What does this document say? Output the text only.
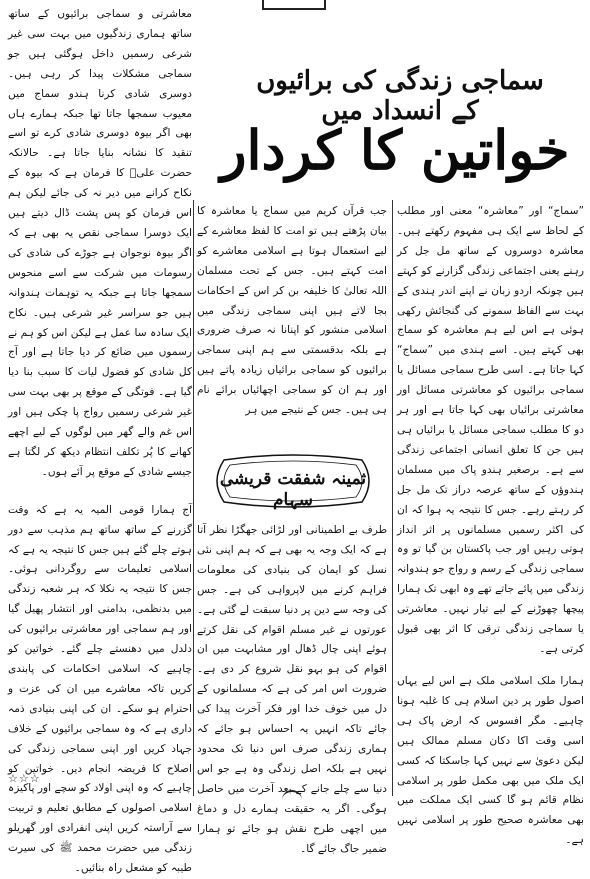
معاشرتی و سماجی برائیوں کے ساتھ ساتھ ہماری زندگیوں میں بہت سی غیر شرعی رسمیں داخل ہوگئی ہیں جو سماجی مشکلات پیدا کر رہی ہیں۔ دوسری شادی کرنا ہندو سماج میں معیوب سمجھا جاتا تھا جبکہ ہمارے ہاں بھی اگر بیوہ دوسری شادی کرے تو اسے تنقید کا نشانہ بنایا جاتا ہے۔ حالانکہ حضرت علیؓ کا فرمان ہے کہ بیوہ کے نکاح کرانے میں دیر نہ کی جائے لیکن ہم اس فرمان کو پس پشت ڈال دیتے ہیں ایک دوسرا سماجی نقص یہ بھی ہے کہ اگر بیوہ نوجوان ہے جوڑے کی شادی کی رسومات میں شرکت سے اسے منحوس سمجھا جاتا ہے جبکہ یہ توہمات ہندوانہ ہیں جو سراسر غیر شرعی ہیں۔ نکاح ایک سادہ سا عمل ہے لیکن اس کو ہم نے رسموں میں ضائع کر دیا جاتا ہے اور آج کل شادی کو فضول لیات کا سبب بنا دیا گیا ہے۔ فوتگی کے موقع پر بھی بہت سی غیر شرعی رسمیں رواج پا چکی ہیں اور اس غم والے گھر میں لوگوں کے لیے اچھے کھانے کا پُر تکلف انتظام دیکھ کر لگتا ہے جیسے شادی کے موقع پر آئے ہوں۔

آج ہمارا قومی المیہ یہ ہے کہ وقت گزرنے کے ساتھ ساتھ ہم مذہب سے دور ہوتے چلے گئے ہیں جس کا نتیجہ یہ ہے کہ اسلامی تعلیمات سے روگردانی ہوئی۔ جس کا نتیجہ یہ نکلا کہ ہر شعبہ زندگی میں بدنظمی، بدامنی اور انتشار پھیل گیا اور ہم سماجی اور معاشرتی برائیوں کی دلدل میں دھنستے چلے گئے۔ خواتین کو چاہیے کہ اسلامی احکامات کی پابندی کریں تاکہ معاشرے میں ان کی عزت و احترام ہو سکے۔ ان کی اپنی بنیادی ذمہ داری ہے کہ وہ سماجی برائیوں کے خلاف جہاد کریں اور اپنی سماجی زندگی کی اصلاح کا فریضہ انجام دیں۔ خواتین کو چاہیے کہ وہ اپنی اولاد کو سچے اور پاکیزہ اسلامی اصولوں کے مطابق تعلیم و تربیت سے آراستہ کریں اپنی انفرادی اور گھریلو زندگی میں حضرت محمد ﷺ کی سیرت طیبہ کو مشعل راہ بنائیں۔

سماجی زندگی کی برائیوں کے انسداد میں
خواتین کا کردار

جب قرآن کریم میں سماج یا معاشرہ کا بیان پڑھتے ہیں تو امت کا لفظ معاشرے کے لیے استعمال ہوتا ہے اسلامی معاشرے کو امت کہتے ہیں۔ جس کے تحت مسلمان اللہ تعالیٰ کا خلیفہ بن کر اس کے احکامات بجا لاتے ہیں اپنی سماجی زندگی میں اسلامی منشور کو اپنانا نہ صرف ضروری ہے بلکہ بدقسمتی سے ہم اپنی سماجی برائیوں کو سماجی برائیاں زیادہ پاتے ہیں اور ہم ان کو سماجی اچھائیاں برائے نام ہی ہیں۔ جس کے نتیجے میں ہر

ثمینہ شفقت قریشی سہام

طرف بے اطمینانی اور لڑائی جھگڑا نظر آتا ہے کہ ایک وجہ یہ بھی ہے کہ ہم اپنی نئی نسل کو ایمان کی بنیادی کی معلومات فراہم کرنے میں لاپرواہی کی ہے۔ جس کی وجہ سے دین پر دنیا سبقت لے گئی ہے۔ عورتوں نے غیر مسلم اقوام کی نقل کرتے ہوئے اپنی چال ڈھال اور مشابہت میں ان اقوام کی ہو بہو نقل شروع کر دی ہے۔ ضرورت اس امر کی ہے کہ مسلمانوں کے دل میں خوف خدا اور فکر آخرت پیدا کی جائے تاکہ انہیں یہ احساس ہو جائے کہ ہماری زندگی صرف اس دنیا تک محدود نہیں ہے بلکہ اصل زندگی وہ ہے جو اس دنیا سے چلے جانے کے بعد آخرت میں حاصل ہوگی۔ اگر یہ حقیقت ہمارے دل و دماغ میں اچھی طرح نقش ہو جائے تو ہمارا ضمیر جاگ جائے گا۔

”سماج“ اور ”معاشرہ“ معنی اور مطلب کے لحاظ سے ایک ہی مفہوم رکھتے ہیں۔ معاشرہ دوسروں کے ساتھ مل جل کر رہنے یعنی اجتماعی زندگی گزارنے کو کہتے ہیں چونکہ اردو زبان نے اپنے اندر ہندی کے بہت سے الفاظ سمونے کی گنجائش رکھی ہوئی ہے اس لیے ہم معاشرہ کو سماج بھی کہتے ہیں۔ اسے ہندی میں ”سماج“ کہا جاتا ہے۔ اسی طرح سماجی مسائل یا سماجی برائیوں کو معاشرتی مسائل اور معاشرتی برائیاں بھی کہا جاتا ہے اور ہر دو کا مطلب سماجی مسائل یا برائیاں ہی ہیں جن کا تعلق انسانی اجتماعی زندگی سے ہے۔ برصغیر ہندو پاک میں مسلمان ہندوؤں کے ساتھ عرصہ دراز تک مل جل کر رہتے رہے۔ جس کا نتیجہ یہ ہوا کہ ان کی اکثر رسمیں مسلمانوں پر اثر انداز ہوتی رہیں اور جب پاکستان بن گیا تو وہ سماجی زندگی کے رسم و رواج جو ہندوانہ زندگی میں پائے جاتے تھے وہ ابھی تک ہمارا پیچھا چھوڑنے کے لیے تیار نہیں۔ معاشرتی یا سماجی زندگی ترقی کا اثر بھی قبول کرتی ہے۔

ہمارا ملک اسلامی ملک ہے اس لیے یہاں اصول طور پر دین اسلام ہی کا غلبہ ہونا چاہیے۔ مگر افسوس کہ ارض پاک ہی اسی وقت اکا دکان مسلم ممالک ہیں لیکن دعویٰ سے نہیں کہا جاسکتا کہ کسی ایک ملک میں بھی مکمل طور پر اسلامی نظام قائم ہو گا کسی ایک مملکت میں بھی معاشرہ صحیح طور پر اسلامی نہیں ہے۔

☆☆☆
